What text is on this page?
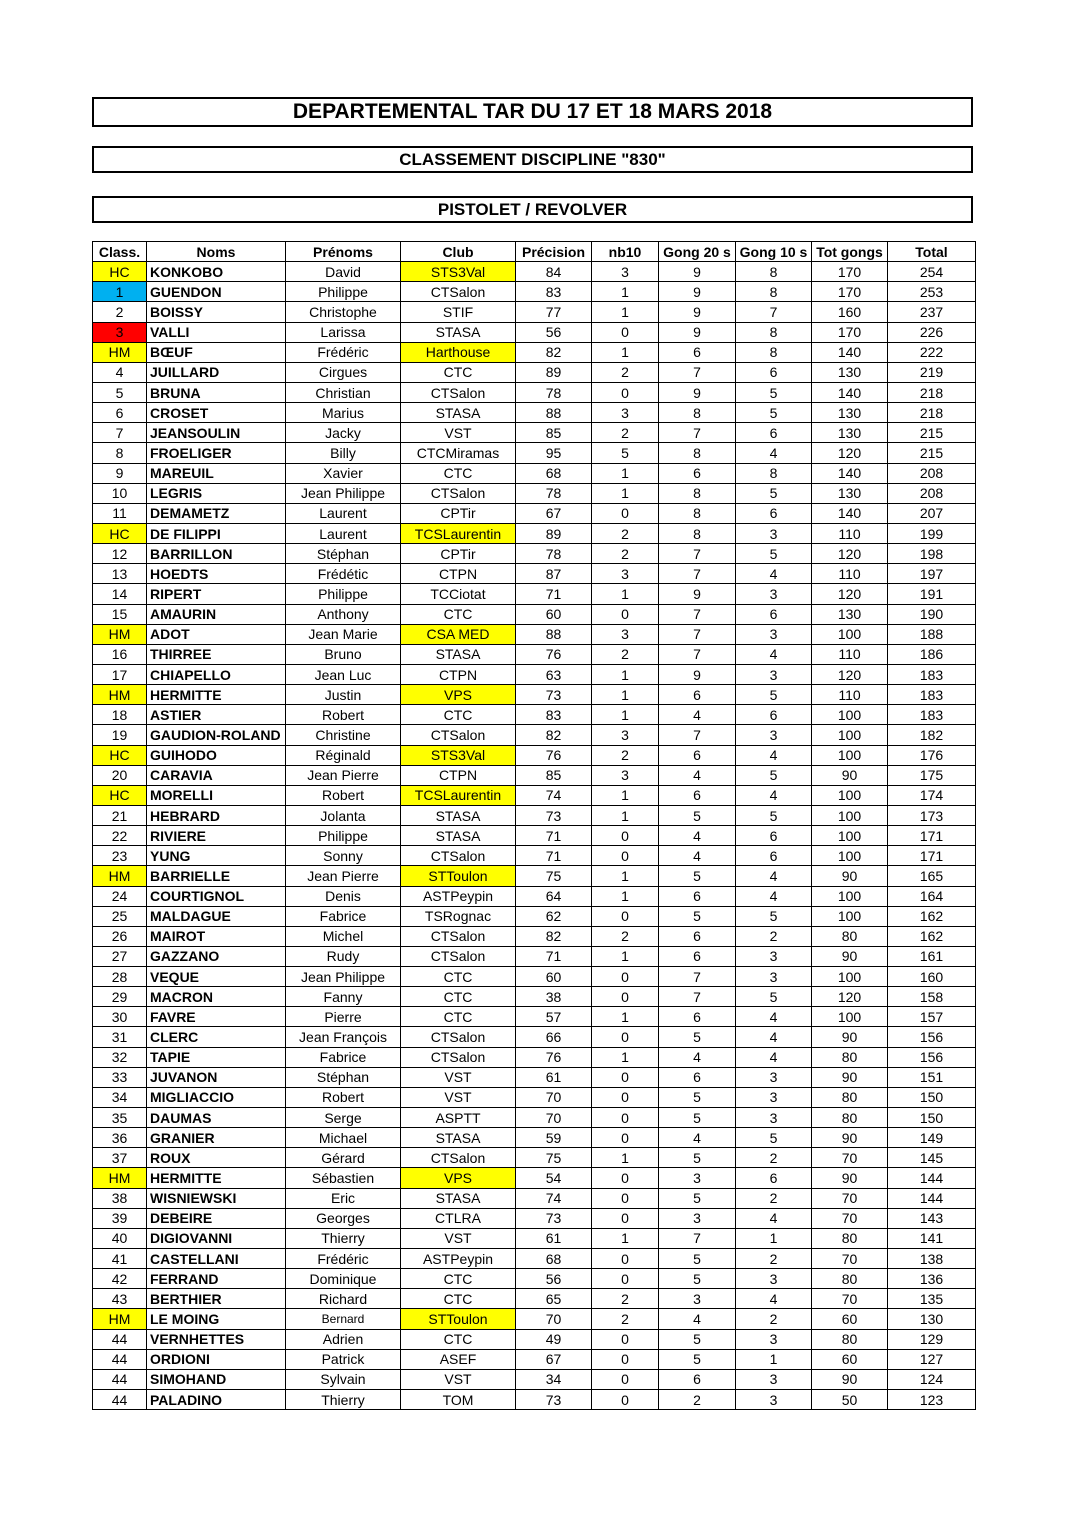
DEPARTEMENTAL TAR DU 17 ET 18 MARS 2018
CLASSEMENT DISCIPLINE "830"
PISTOLET / REVOLVER
Class.	Noms	Prénoms	Club	Précision	nb10	Gong 20 s	Gong 10 s	Tot gongs	Total
HC	KONKOBO	David	STS3Val	84	3	9	8	170	254
1	GUENDON	Philippe	CTSalon	83	1	9	8	170	253
2	BOISSY	Christophe	STIF	77	1	9	7	160	237
3	VALLI	Larissa	STASA	56	0	9	8	170	226
HM	BŒUF	Frédéric	Harthouse	82	1	6	8	140	222
4	JUILLARD	Cirgues	CTC	89	2	7	6	130	219
5	BRUNA	Christian	CTSalon	78	0	9	5	140	218
6	CROSET	Marius	STASA	88	3	8	5	130	218
7	JEANSOULIN	Jacky	VST	85	2	7	6	130	215
8	FROELIGER	Billy	CTCMiramas	95	5	8	4	120	215
9	MAREUIL	Xavier	CTC	68	1	6	8	140	208
10	LEGRIS	Jean Philippe	CTSalon	78	1	8	5	130	208
11	DEMAMETZ	Laurent	CPTir	67	0	8	6	140	207
HC	DE FILIPPI	Laurent	TCSLaurentin	89	2	8	3	110	199
12	BARRILLON	Stéphan	CPTir	78	2	7	5	120	198
13	HOEDTS	Frédétic	CTPN	87	3	7	4	110	197
14	RIPERT	Philippe	TCCiotat	71	1	9	3	120	191
15	AMAURIN	Anthony	CTC	60	0	7	6	130	190
HM	ADOT	Jean Marie	CSA MED	88	3	7	3	100	188
16	THIRREE	Bruno	STASA	76	2	7	4	110	186
17	CHIAPELLO	Jean Luc	CTPN	63	1	9	3	120	183
HM	HERMITTE	Justin	VPS	73	1	6	5	110	183
18	ASTIER	Robert	CTC	83	1	4	6	100	183
19	GAUDION-ROLAND	Christine	CTSalon	82	3	7	3	100	182
HC	GUIHODO	Réginald	STS3Val	76	2	6	4	100	176
20	CARAVIA	Jean Pierre	CTPN	85	3	4	5	90	175
HC	MORELLI	Robert	TCSLaurentin	74	1	6	4	100	174
21	HEBRARD	Jolanta	STASA	73	1	5	5	100	173
22	RIVIERE	Philippe	STASA	71	0	4	6	100	171
23	YUNG	Sonny	CTSalon	71	0	4	6	100	171
HM	BARRIELLE	Jean Pierre	STToulon	75	1	5	4	90	165
24	COURTIGNOL	Denis	ASTPeypin	64	1	6	4	100	164
25	MALDAGUE	Fabrice	TSRognac	62	0	5	5	100	162
26	MAIROT	Michel	CTSalon	82	2	6	2	80	162
27	GAZZANO	Rudy	CTSalon	71	1	6	3	90	161
28	VEQUE	Jean Philippe	CTC	60	0	7	3	100	160
29	MACRON	Fanny	CTC	38	0	7	5	120	158
30	FAVRE	Pierre	CTC	57	1	6	4	100	157
31	CLERC	Jean François	CTSalon	66	0	5	4	90	156
32	TAPIE	Fabrice	CTSalon	76	1	4	4	80	156
33	JUVANON	Stéphan	VST	61	0	6	3	90	151
34	MIGLIACCIO	Robert	VST	70	0	5	3	80	150
35	DAUMAS	Serge	ASPTT	70	0	5	3	80	150
36	GRANIER	Michael	STASA	59	0	4	5	90	149
37	ROUX	Gérard	CTSalon	75	1	5	2	70	145
HM	HERMITTE	Sébastien	VPS	54	0	3	6	90	144
38	WISNIEWSKI	Eric	STASA	74	0	5	2	70	144
39	DEBEIRE	Georges	CTLRA	73	0	3	4	70	143
40	DIGIOVANNI	Thierry	VST	61	1	7	1	80	141
41	CASTELLANI	Frédéric	ASTPeypin	68	0	5	2	70	138
42	FERRAND	Dominique	CTC	56	0	5	3	80	136
43	BERTHIER	Richard	CTC	65	2	3	4	70	135
HM	LE MOING	Bernard	STToulon	70	2	4	2	60	130
44	VERNHETTES	Adrien	CTC	49	0	5	3	80	129
44	ORDIONI	Patrick	ASEF	67	0	5	1	60	127
44	SIMOHAND	Sylvain	VST	34	0	6	3	90	124
44	PALADINO	Thierry	TOM	73	0	2	3	50	123
